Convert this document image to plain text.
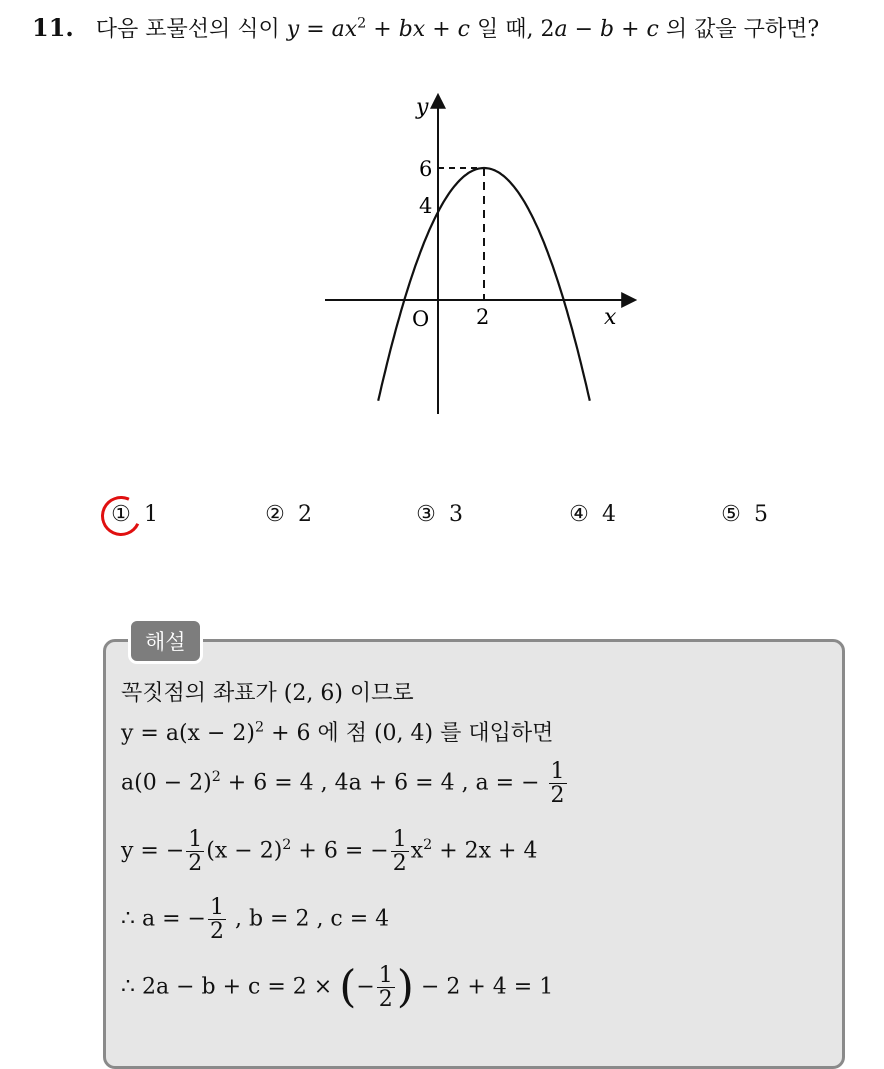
11. 다음 포물선의 식이 $y = ax^2$ + bx + c 일 때, 2a − b + c 의 값을 구하면?
y
x
O
6
4
2
① 1	② 2	③ 3	④ 4	⑤ 5
해설
꼭짓점의 좌표가 (2, 6) 이므로
$y = a(x - 2)^2 + 6$ 에 점 (0, 4) 를 대입하면
$a(0 - 2)^2 + 6 = 4$ , 4a + 6 = 4 , a = − $\frac{1}{2}$
y = − $\frac{1}{2} (x - 2)^2 + 6$ = − $\frac{1}{2} x^2 + 2x + 4$
∴ a = − $\frac{1}{2}$ , b = 2 , c = 4
∴ 2a − b + c = 2 × (− $\frac{1}{2}$ ) − 2 + 4 = 1
